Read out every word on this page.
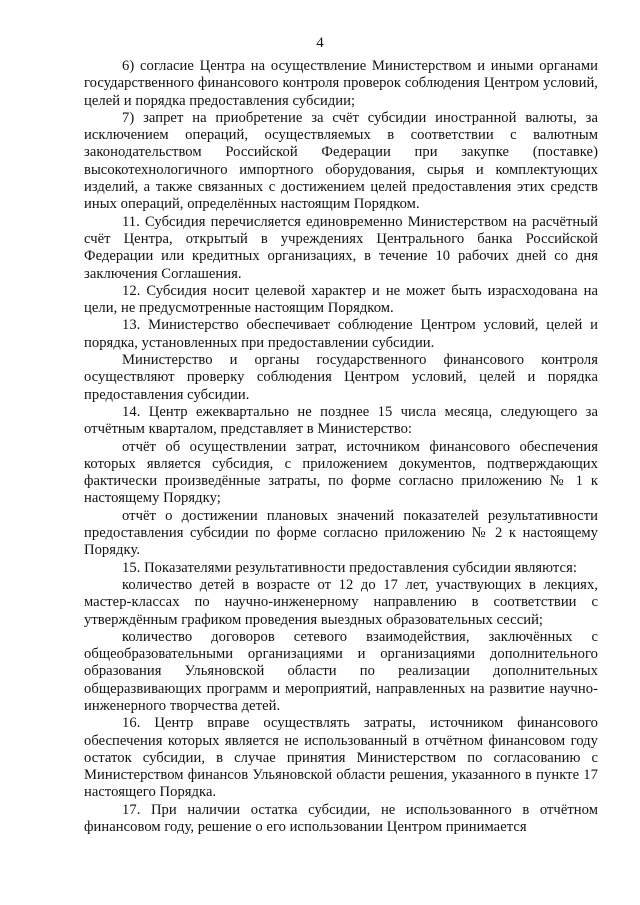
4

6) согласие Центра на осуществление Министерством и иными органами государственного финансового контроля проверок соблюдения Центром условий, целей и порядка предоставления субсидии;

7) запрет на приобретение за счёт субсидии иностранной валюты, за исключением операций, осуществляемых в соответствии с валютным законодательством Российской Федерации при закупке (поставке) высокотехнологичного импортного оборудования, сырья и комплектующих изделий, а также связанных с достижением целей предоставления этих средств иных операций, определённых настоящим Порядком.

11. Субсидия перечисляется единовременно Министерством на расчётный счёт Центра, открытый в учреждениях Центрального банка Российской Федерации или кредитных организациях, в течение 10 рабочих дней со дня заключения Соглашения.

12. Субсидия носит целевой характер и не может быть израсходована на цели, не предусмотренные настоящим Порядком.

13. Министерство обеспечивает соблюдение Центром условий, целей и порядка, установленных при предоставлении субсидии.

Министерство и органы государственного финансового контроля осуществляют проверку соблюдения Центром условий, целей и порядка предоставления субсидии.

14. Центр ежеквартально не позднее 15 числа месяца, следующего за отчётным кварталом, представляет в Министерство:

отчёт об осуществлении затрат, источником финансового обеспечения которых является субсидия, с приложением документов, подтверждающих фактически произведённые затраты, по форме согласно приложению № 1 к настоящему Порядку;

отчёт о достижении плановых значений показателей результативности предоставления субсидии по форме согласно приложению № 2 к настоящему Порядку.

15. Показателями результативности предоставления субсидии являются:

количество детей в возрасте от 12 до 17 лет, участвующих в лекциях, мастер-классах по научно-инженерному направлению в соответствии с утверждённым графиком проведения выездных образовательных сессий;

количество договоров сетевого взаимодействия, заключённых с общеобразовательными организациями и организациями дополнительного образования Ульяновской области по реализации дополнительных общеразвивающих программ и мероприятий, направленных на развитие научно-инженерного творчества детей.

16. Центр вправе осуществлять затраты, источником финансового обеспечения которых является не использованный в отчётном финансовом году остаток субсидии, в случае принятия Министерством по согласованию с Министерством финансов Ульяновской области решения, указанного в пункте 17 настоящего Порядка.

17. При наличии остатка субсидии, не использованного в отчётном финансовом году, решение о его использовании Центром принимается
